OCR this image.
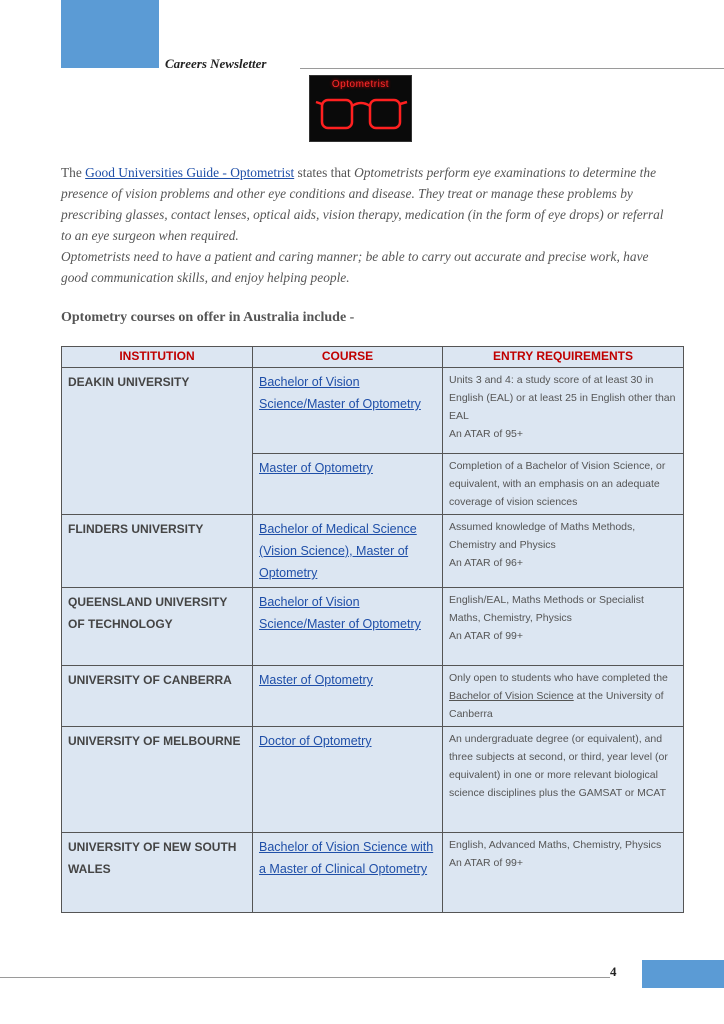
Careers Newsletter
Optometrist
The Good Universities Guide - Optometrist states that Optometrists perform eye examinations to determine the presence of vision problems and other eye conditions and disease. They treat or manage these problems by prescribing glasses, contact lenses, optical aids, vision therapy, medication (in the form of eye drops) or referral to an eye surgeon when required.
Optometrists need to have a patient and caring manner; be able to carry out accurate and precise work, have good communication skills, and enjoy helping people.
Optometry courses on offer in Australia include -
INSTITUTION	COURSE	ENTRY REQUIREMENTS
DEAKIN UNIVERSITY	Bachelor of Vision Science/Master of Optometry	Units 3 and 4: a study score of at least 30 in English (EAL) or at least 25 in English other than EAL
An ATAR of 95+

	Master of Optometry	Completion of a Bachelor of Vision Science, or equivalent, with an emphasis on an adequate coverage of vision sciences

FLINDERS UNIVERSITY	Bachelor of Medical Science (Vision Science), Master of Optometry	Assumed knowledge of Maths Methods, Chemistry and Physics
An ATAR of 96+

QUEENSLAND UNIVERSITY OF TECHNOLOGY	Bachelor of Vision Science/Master of Optometry	English/EAL, Maths Methods or Specialist Maths, Chemistry, Physics
An ATAR of 99+

UNIVERSITY OF CANBERRA	Master of Optometry	Only open to students who have completed the Bachelor of Vision Science at the University of Canberra
UNIVERSITY OF MELBOURNE	Doctor of Optometry	An undergraduate degree (or equivalent), and three subjects at second, or third, year level (or equivalent) in one or more relevant biological science disciplines plus the GAMSAT or MCAT

UNIVERSITY OF NEW SOUTH WALES	Bachelor of Vision Science with a Master of Clinical Optometry	English, Advanced Maths, Chemistry, Physics
An ATAR of 99+
4
